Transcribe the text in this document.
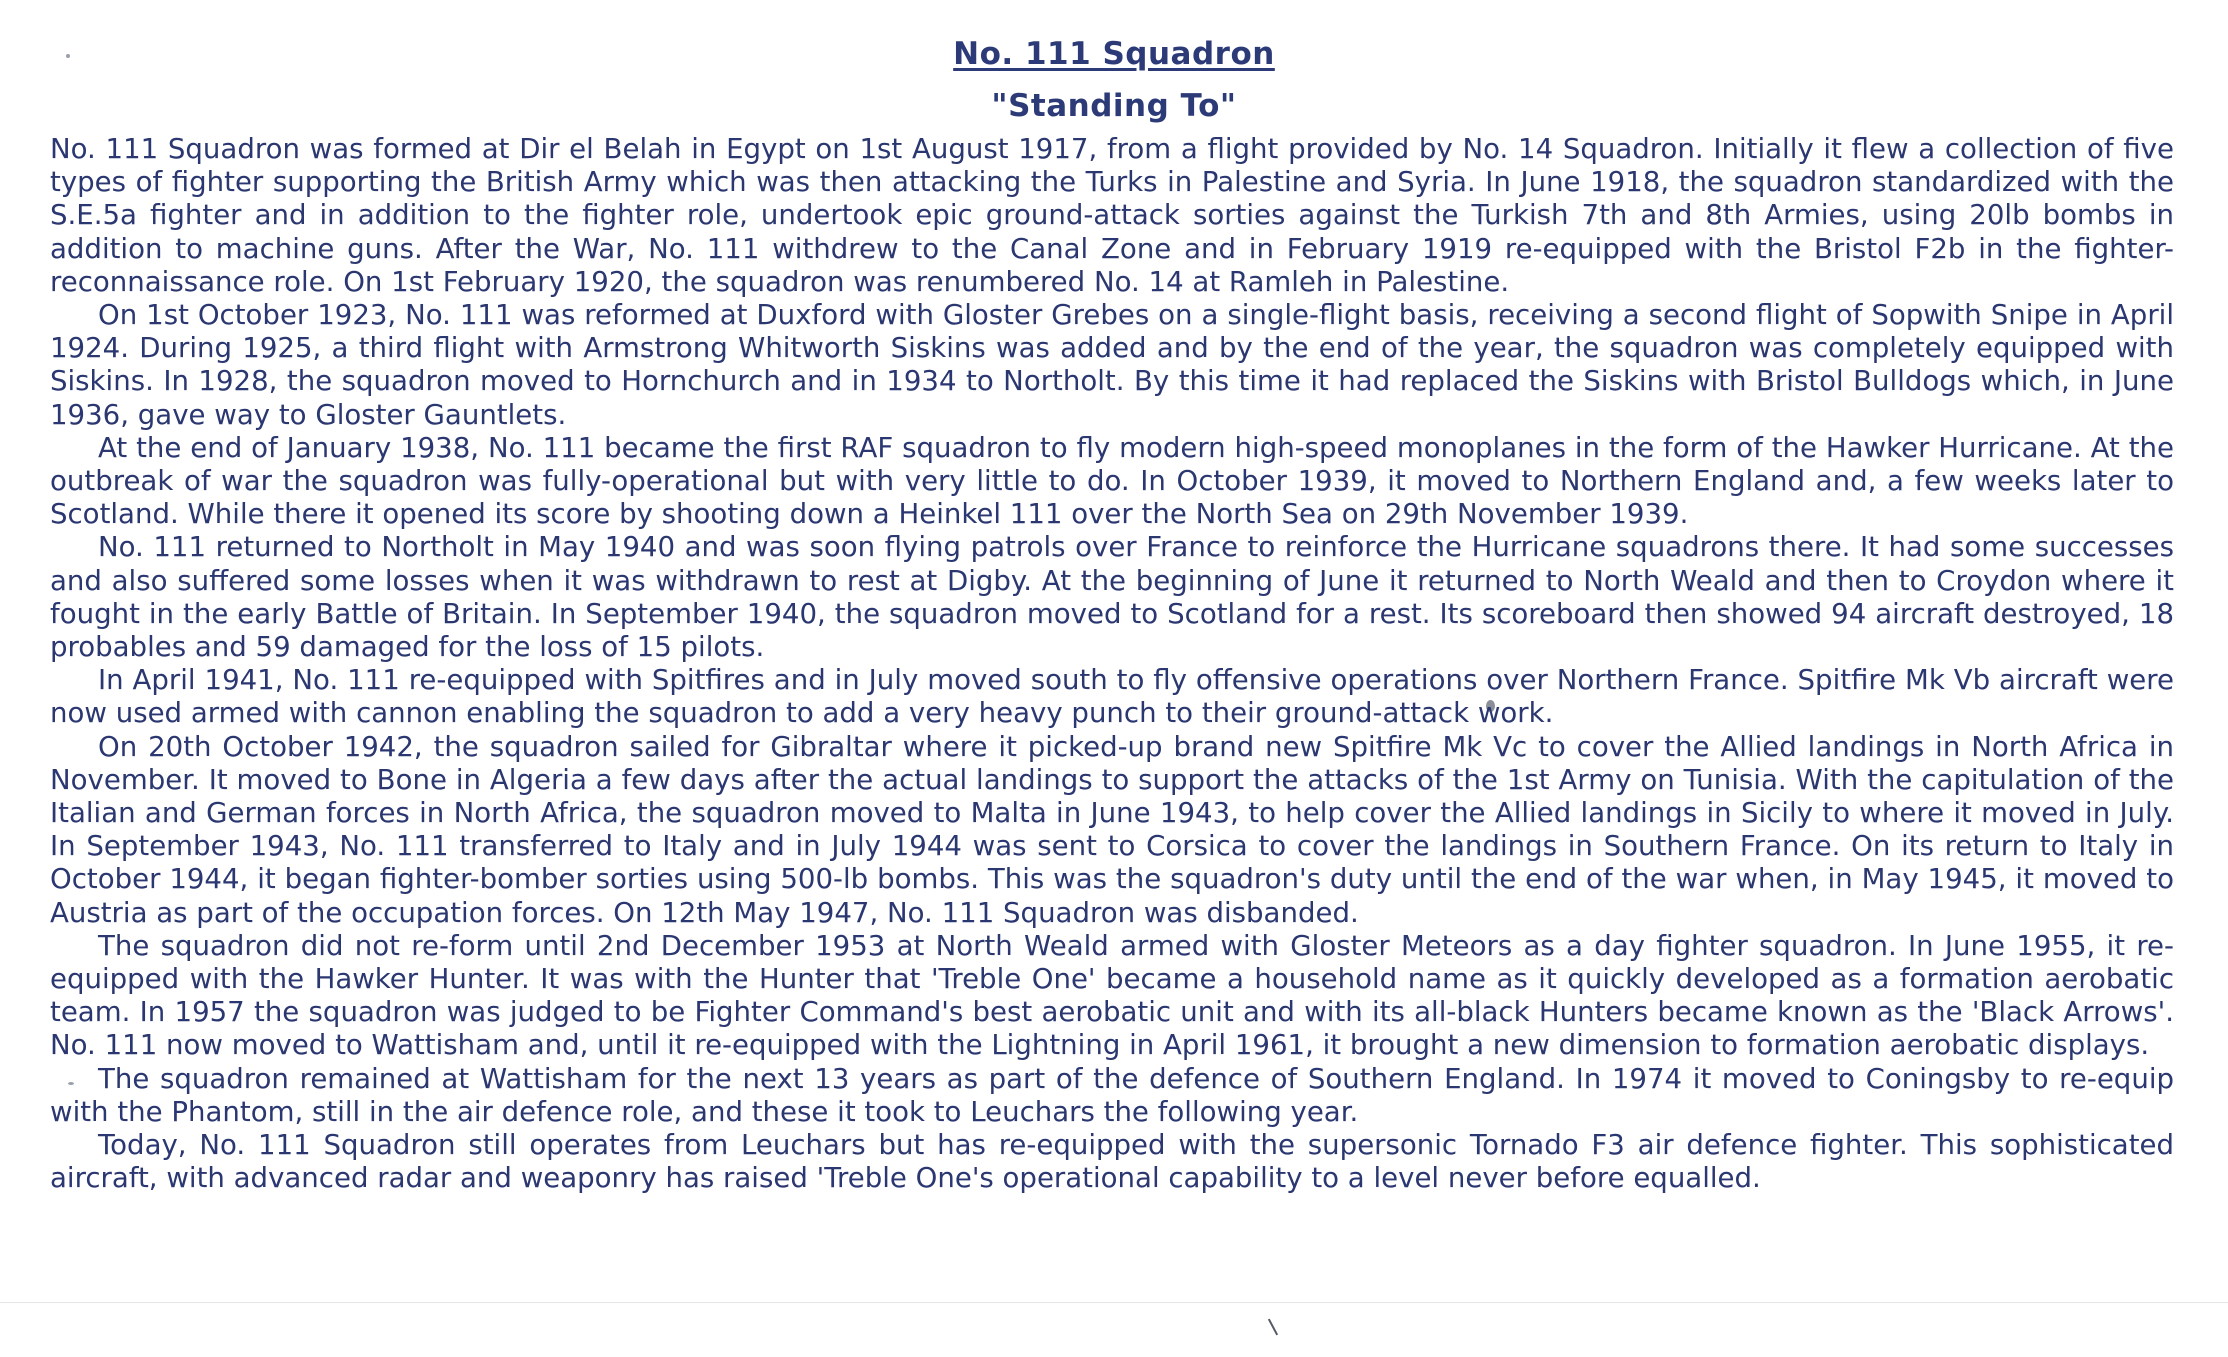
No. 111 Squadron
"Standing To"

No. 111 Squadron was formed at Dir el Belah in Egypt on 1st August 1917, from a flight provided by No. 14 Squadron. Initially it flew a collection of five types of fighter supporting the British Army which was then attacking the Turks in Palestine and Syria. In June 1918, the squadron standardized with the S.E.5a fighter and in addition to the fighter role, undertook epic ground-attack sorties against the Turkish 7th and 8th Armies, using 20lb bombs in addition to machine guns. After the War, No. 111 withdrew to the Canal Zone and in February 1919 re-equipped with the Bristol F2b in the fighter-reconnaissance role. On 1st February 1920, the squadron was renumbered No. 14 at Ramleh in Palestine.

On 1st October 1923, No. 111 was reformed at Duxford with Gloster Grebes on a single-flight basis, receiving a second flight of Sopwith Snipe in April 1924. During 1925, a third flight with Armstrong Whitworth Siskins was added and by the end of the year, the squadron was completely equipped with Siskins. In 1928, the squadron moved to Hornchurch and in 1934 to Northolt. By this time it had replaced the Siskins with Bristol Bulldogs which, in June 1936, gave way to Gloster Gauntlets.

At the end of January 1938, No. 111 became the first RAF squadron to fly modern high-speed monoplanes in the form of the Hawker Hurricane. At the outbreak of war the squadron was fully-operational but with very little to do. In October 1939, it moved to Northern England and, a few weeks later to Scotland. While there it opened its score by shooting down a Heinkel 111 over the North Sea on 29th November 1939.

No. 111 returned to Northolt in May 1940 and was soon flying patrols over France to reinforce the Hurricane squadrons there. It had some successes and also suffered some losses when it was withdrawn to rest at Digby. At the beginning of June it returned to North Weald and then to Croydon where it fought in the early Battle of Britain. In September 1940, the squadron moved to Scotland for a rest. Its scoreboard then showed 94 aircraft destroyed, 18 probables and 59 damaged for the loss of 15 pilots.

In April 1941, No. 111 re-equipped with Spitfires and in July moved south to fly offensive operations over Northern France. Spitfire Mk Vb aircraft were now used armed with cannon enabling the squadron to add a very heavy punch to their ground-attack work.

On 20th October 1942, the squadron sailed for Gibraltar where it picked-up brand new Spitfire Mk Vc to cover the Allied landings in North Africa in November. It moved to Bone in Algeria a few days after the actual landings to support the attacks of the 1st Army on Tunisia. With the capitulation of the Italian and German forces in North Africa, the squadron moved to Malta in June 1943, to help cover the Allied landings in Sicily to where it moved in July. In September 1943, No. 111 transferred to Italy and in July 1944 was sent to Corsica to cover the landings in Southern France. On its return to Italy in October 1944, it began fighter-bomber sorties using 500-lb bombs. This was the squadron's duty until the end of the war when, in May 1945, it moved to Austria as part of the occupation forces. On 12th May 1947, No. 111 Squadron was disbanded.

The squadron did not re-form until 2nd December 1953 at North Weald armed with Gloster Meteors as a day fighter squadron. In June 1955, it re-equipped with the Hawker Hunter. It was with the Hunter that 'Treble One' became a household name as it quickly developed as a formation aerobatic team. In 1957 the squadron was judged to be Fighter Command's best aerobatic unit and with its all-black Hunters became known as the 'Black Arrows'. No. 111 now moved to Wattisham and, until it re-equipped with the Lightning in April 1961, it brought a new dimension to formation aerobatic displays.

The squadron remained at Wattisham for the next 13 years as part of the defence of Southern England. In 1974 it moved to Coningsby to re-equip with the Phantom, still in the air defence role, and these it took to Leuchars the following year.

Today, No. 111 Squadron still operates from Leuchars but has re-equipped with the supersonic Tornado F3 air defence fighter. This sophisticated aircraft, with advanced radar and weaponry has raised 'Treble One's operational capability to a level never before equalled.
